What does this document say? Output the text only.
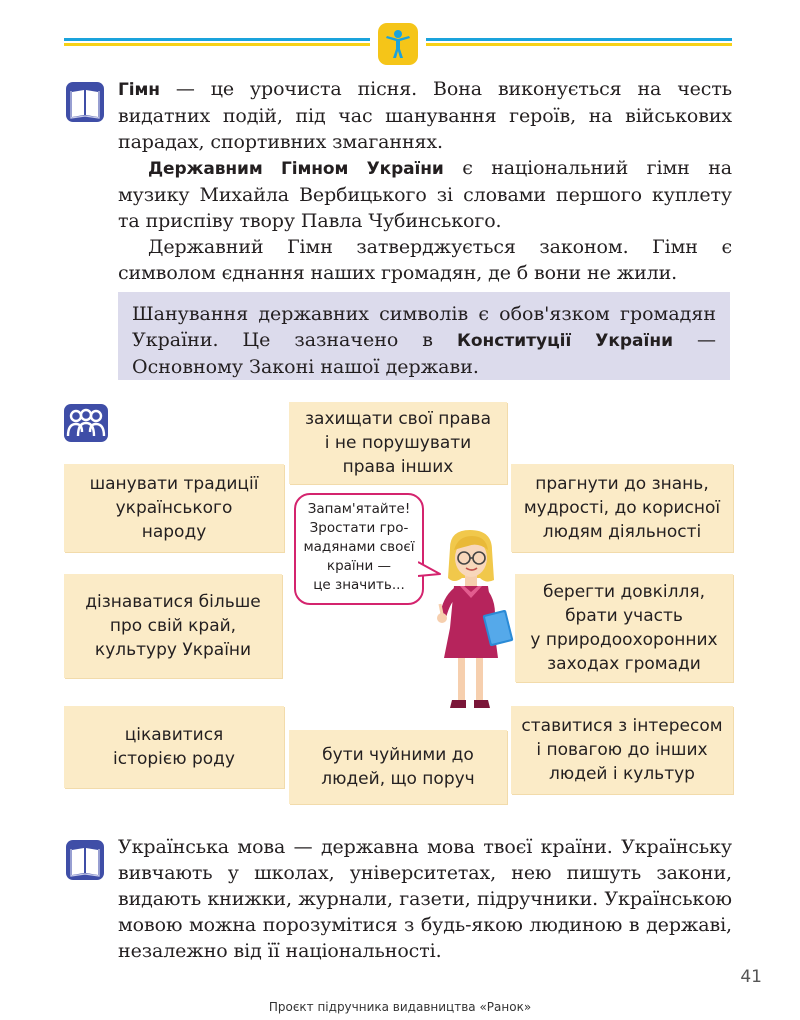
Гімн — це урочиста пісня. Вона виконується на честь видатних подій, під час шанування героїв, на військових парадах, спортивних змаганнях.

Державним Гімном України є національний гімн на музику Михайла Вербицького зі словами першого куплету та приспіву твору Павла Чубинського.

Державний Гімн затверджується законом. Гімн є символом єднання наших громадян, де б вони не жили.

Шанування державних символів є обов'язком громадян України. Це зазначено в Конституції України — Основному Законі нашої держави.
захищати свої права
і не порушувати
права інших
шанувати традиції
українського
народу
прагнути до знань,
мудрості, до корисної
людям діяльності
дізнаватися більше
про свій край,
культуру України
берегти довкілля,
брати участь
у природоохоронних
заходах громади
цікавитися
історією роду	бути чуйними до
людей, що поруч
ставитися з інтересом
і повагою до інших
людей і культур
Запам'ятайте!
Зростати гро-
мадянами своєї
країни —
це значить...

Українська мова — державна мова твоєї країни. Українську вивчають у школах, університетах, нею пишуть закони, видають книжки, журнали, газети, підручники. Українською мовою можна порозумітися з будь-якою людиною в державі, незалежно від її національності.

41
Проєкт підручника видавництва «Ранок»
